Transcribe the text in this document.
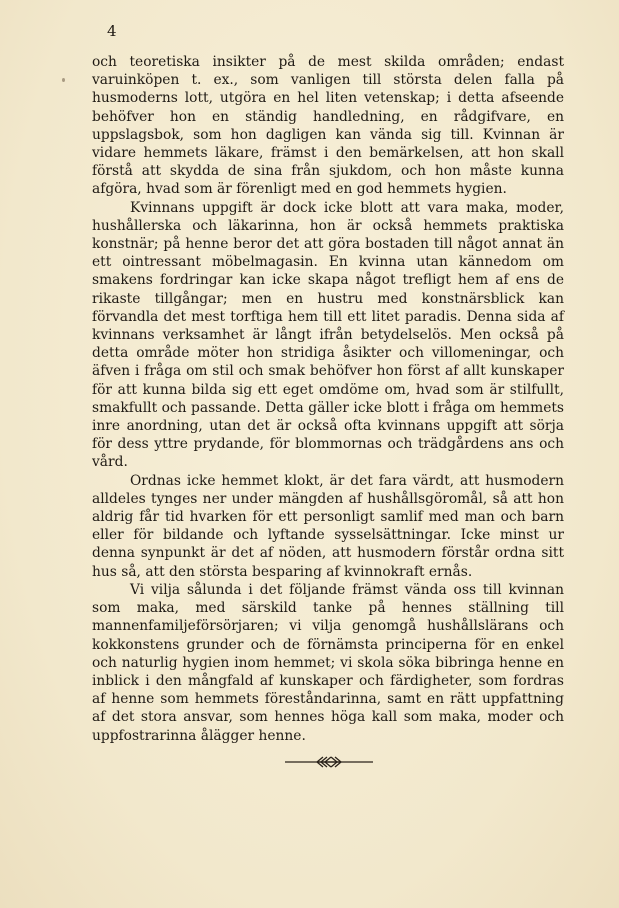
4

och teoretiska insikter på de mest skilda områden; endast varuinköpen t. ex., som vanligen till största delen falla på husmoderns lott, utgöra en hel liten vetenskap; i detta afseende behöfver hon en ständig handledning, en rådgifvare, en uppslagsbok, som hon dagligen kan vända sig till. Kvinnan är vidare hemmets läkare, främst i den bemärkelsen, att hon skall förstå att skydda de sina från sjukdom, och hon måste kunna afgöra, hvad som är förenligt med en god hemmets hygien.

Kvinnans uppgift är dock icke blott att vara maka, moder, hushållerska och läkarinna, hon är också hemmets praktiska konstnär; på henne beror det att göra bostaden till något annat än ett ointressant möbelmagasin. En kvinna utan kännedom om smakens fordringar kan icke skapa något trefligt hem af ens de rikaste tillgångar; men en hustru med konstnärsblick kan förvandla det mest torftiga hem till ett litet paradis. Denna sida af kvinnans verksamhet är långt ifrån betydelselös. Men också på detta område möter hon stridiga åsikter och villomeningar, och äfven i fråga om stil och smak behöfver hon först af allt kunskaper för att kunna bilda sig ett eget omdöme om, hvad som är stilfullt, smakfullt och passande. Detta gäller icke blott i fråga om hemmets inre anordning, utan det är också ofta kvinnans uppgift att sörja för dess yttre prydande, för blommornas och trädgårdens ans och vård.

Ordnas icke hemmet klokt, är det fara värdt, att husmodern alldeles tynges ner under mängden af hushållsgöromål, så att hon aldrig får tid hvarken för ett personligt samlif med man och barn eller för bildande och lyftande sysselsättningar. Icke minst ur denna synpunkt är det af nöden, att husmodern förstår ordna sitt hus så, att den största besparing af kvinnokraft ernås.

Vi vilja sålunda i det följande främst vända oss till kvinnan som maka, med särskild tanke på hennes ställning till mannenfamiljeförsörjaren; vi vilja genomgå hushållslärans och kokkonstens grunder och de förnämsta principerna för en enkel och naturlig hygien inom hemmet; vi skola söka bibringa henne en inblick i den mångfald af kunskaper och färdigheter, som fordras af henne som hemmets föreståndarinna, samt en rätt uppfattning af det stora ansvar, som hennes höga kall som maka, moder och uppfostrarinna ålägger henne.
